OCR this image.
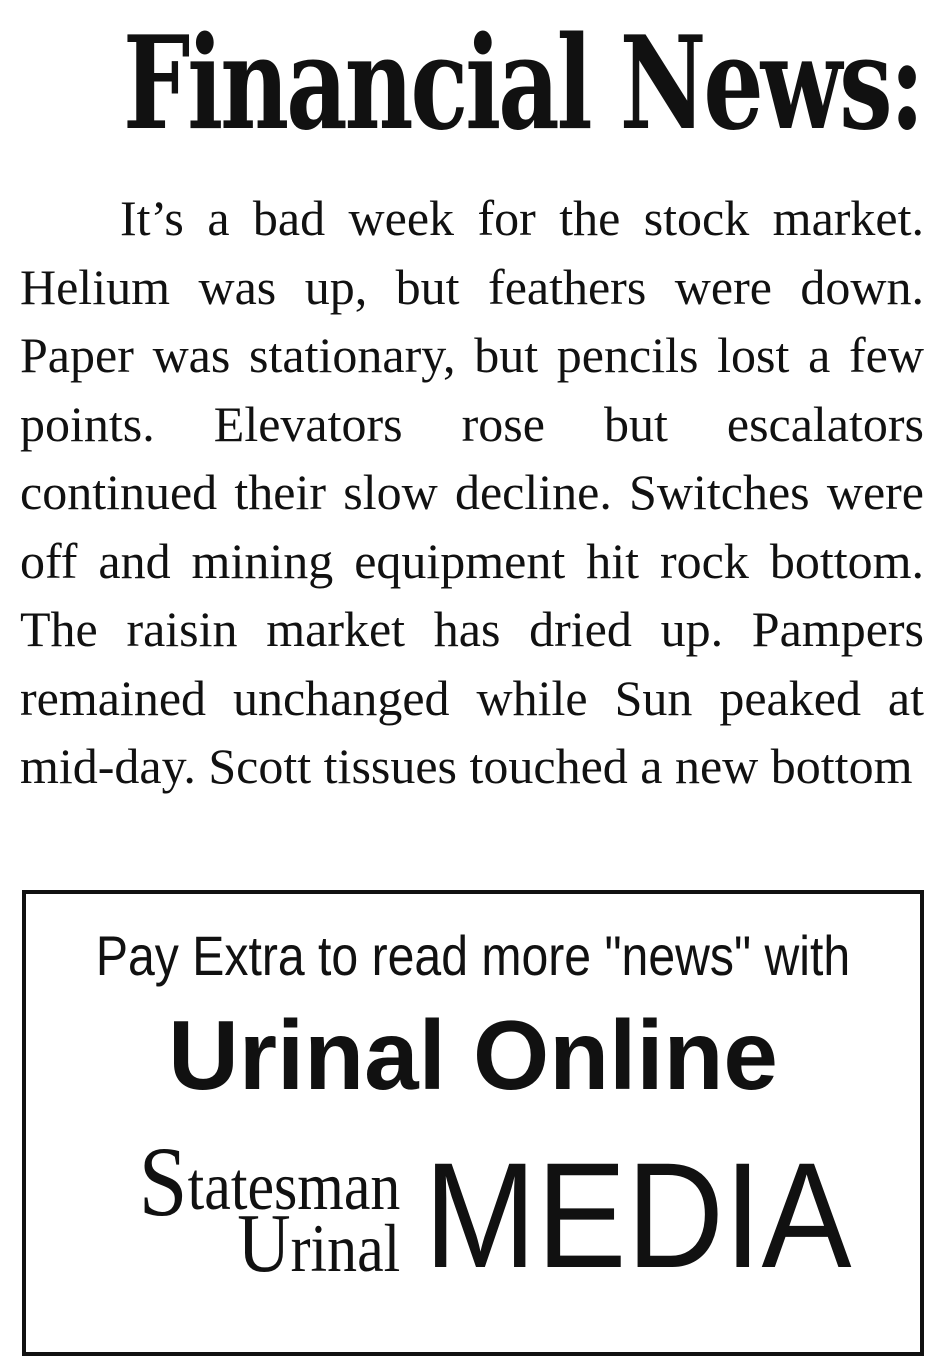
Financial News:

It’s a bad week for the stock market. Helium was up, but feathers were down. Paper was stationary, but pencils lost a few points. Elevators rose but escalators continued their slow decline. Switches were off and mining equipment hit rock bottom. The raisin market has dried up. Pampers remained unchanged while Sun peaked at mid-day. Scott tissues touched a new bottom

Pay Extra to read more "news" with
Urinal Online
Statesman
Urinal MEDIA
